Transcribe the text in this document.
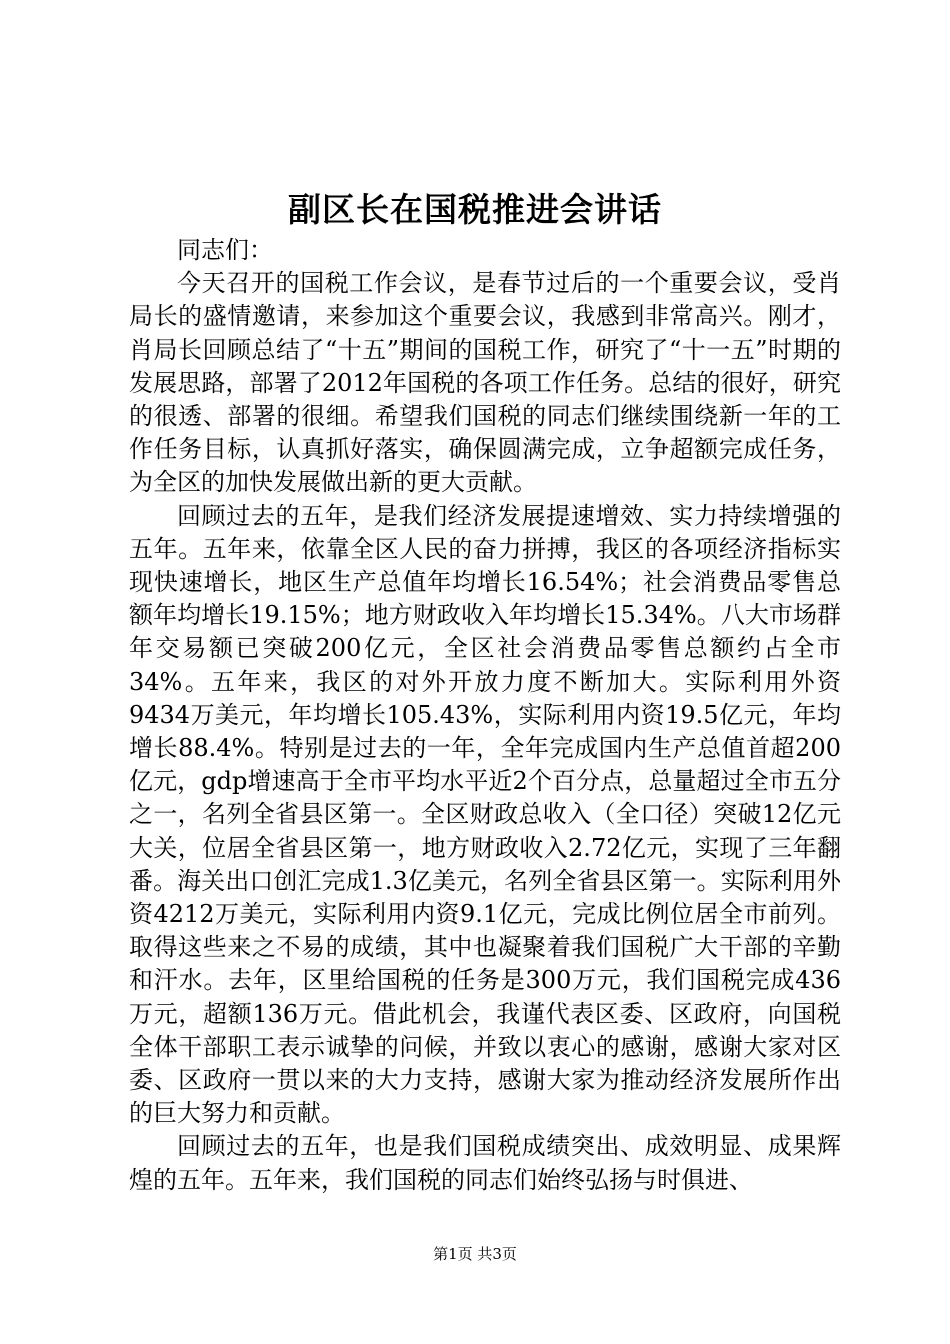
副区长在国税推进会讲话

同志们：

今天召开的国税工作会议，是春节过后的一个重要会议，受肖局长的盛情邀请，来参加这个重要会议，我感到非常高兴。刚才，肖局长回顾总结了“十五”期间的国税工作，研究了“十一五”时期的发展思路，部署了2012年国税的各项工作任务。总结的很好，研究的很透、部署的很细。希望我们国税的同志们继续围绕新一年的工作任务目标，认真抓好落实，确保圆满完成，立争超额完成任务，为全区的加快发展做出新的更大贡献。

回顾过去的五年，是我们经济发展提速增效、实力持续增强的五年。五年来，依靠全区人民的奋力拼搏，我区的各项经济指标实现快速增长，地区生产总值年均增长16.54%；社会消费品零售总额年均增长19.15%；地方财政收入年均增长15.34%。八大市场群年交易额已突破200亿元，全区社会消费品零售总额约占全市34%。五年来，我区的对外开放力度不断加大。实际利用外资9434万美元，年均增长105.43%，实际利用内资19.5亿元，年均增长88.4%。特别是过去的一年，全年完成国内生产总值首超200亿元，gdp增速高于全市平均水平近2个百分点，总量超过全市五分之一，名列全省县区第一。全区财政总收入（全口径）突破12亿元大关，位居全省县区第一，地方财政收入2.72亿元，实现了三年翻番。海关出口创汇完成1.3亿美元，名列全省县区第一。实际利用外资4212万美元，实际利用内资9.1亿元，完成比例位居全市前列。取得这些来之不易的成绩，其中也凝聚着我们国税广大干部的辛勤和汗水。去年，区里给国税的任务是300万元，我们国税完成436万元，超额136万元。借此机会，我谨代表区委、区政府，向国税全体干部职工表示诚挚的问候，并致以衷心的感谢，感谢大家对区委、区政府一贯以来的大力支持，感谢大家为推动经济发展所作出的巨大努力和贡献。

回顾过去的五年，也是我们国税成绩突出、成效明显、成果辉煌的五年。五年来，我们国税的同志们始终弘扬与时俱进、

第1页 共3页
